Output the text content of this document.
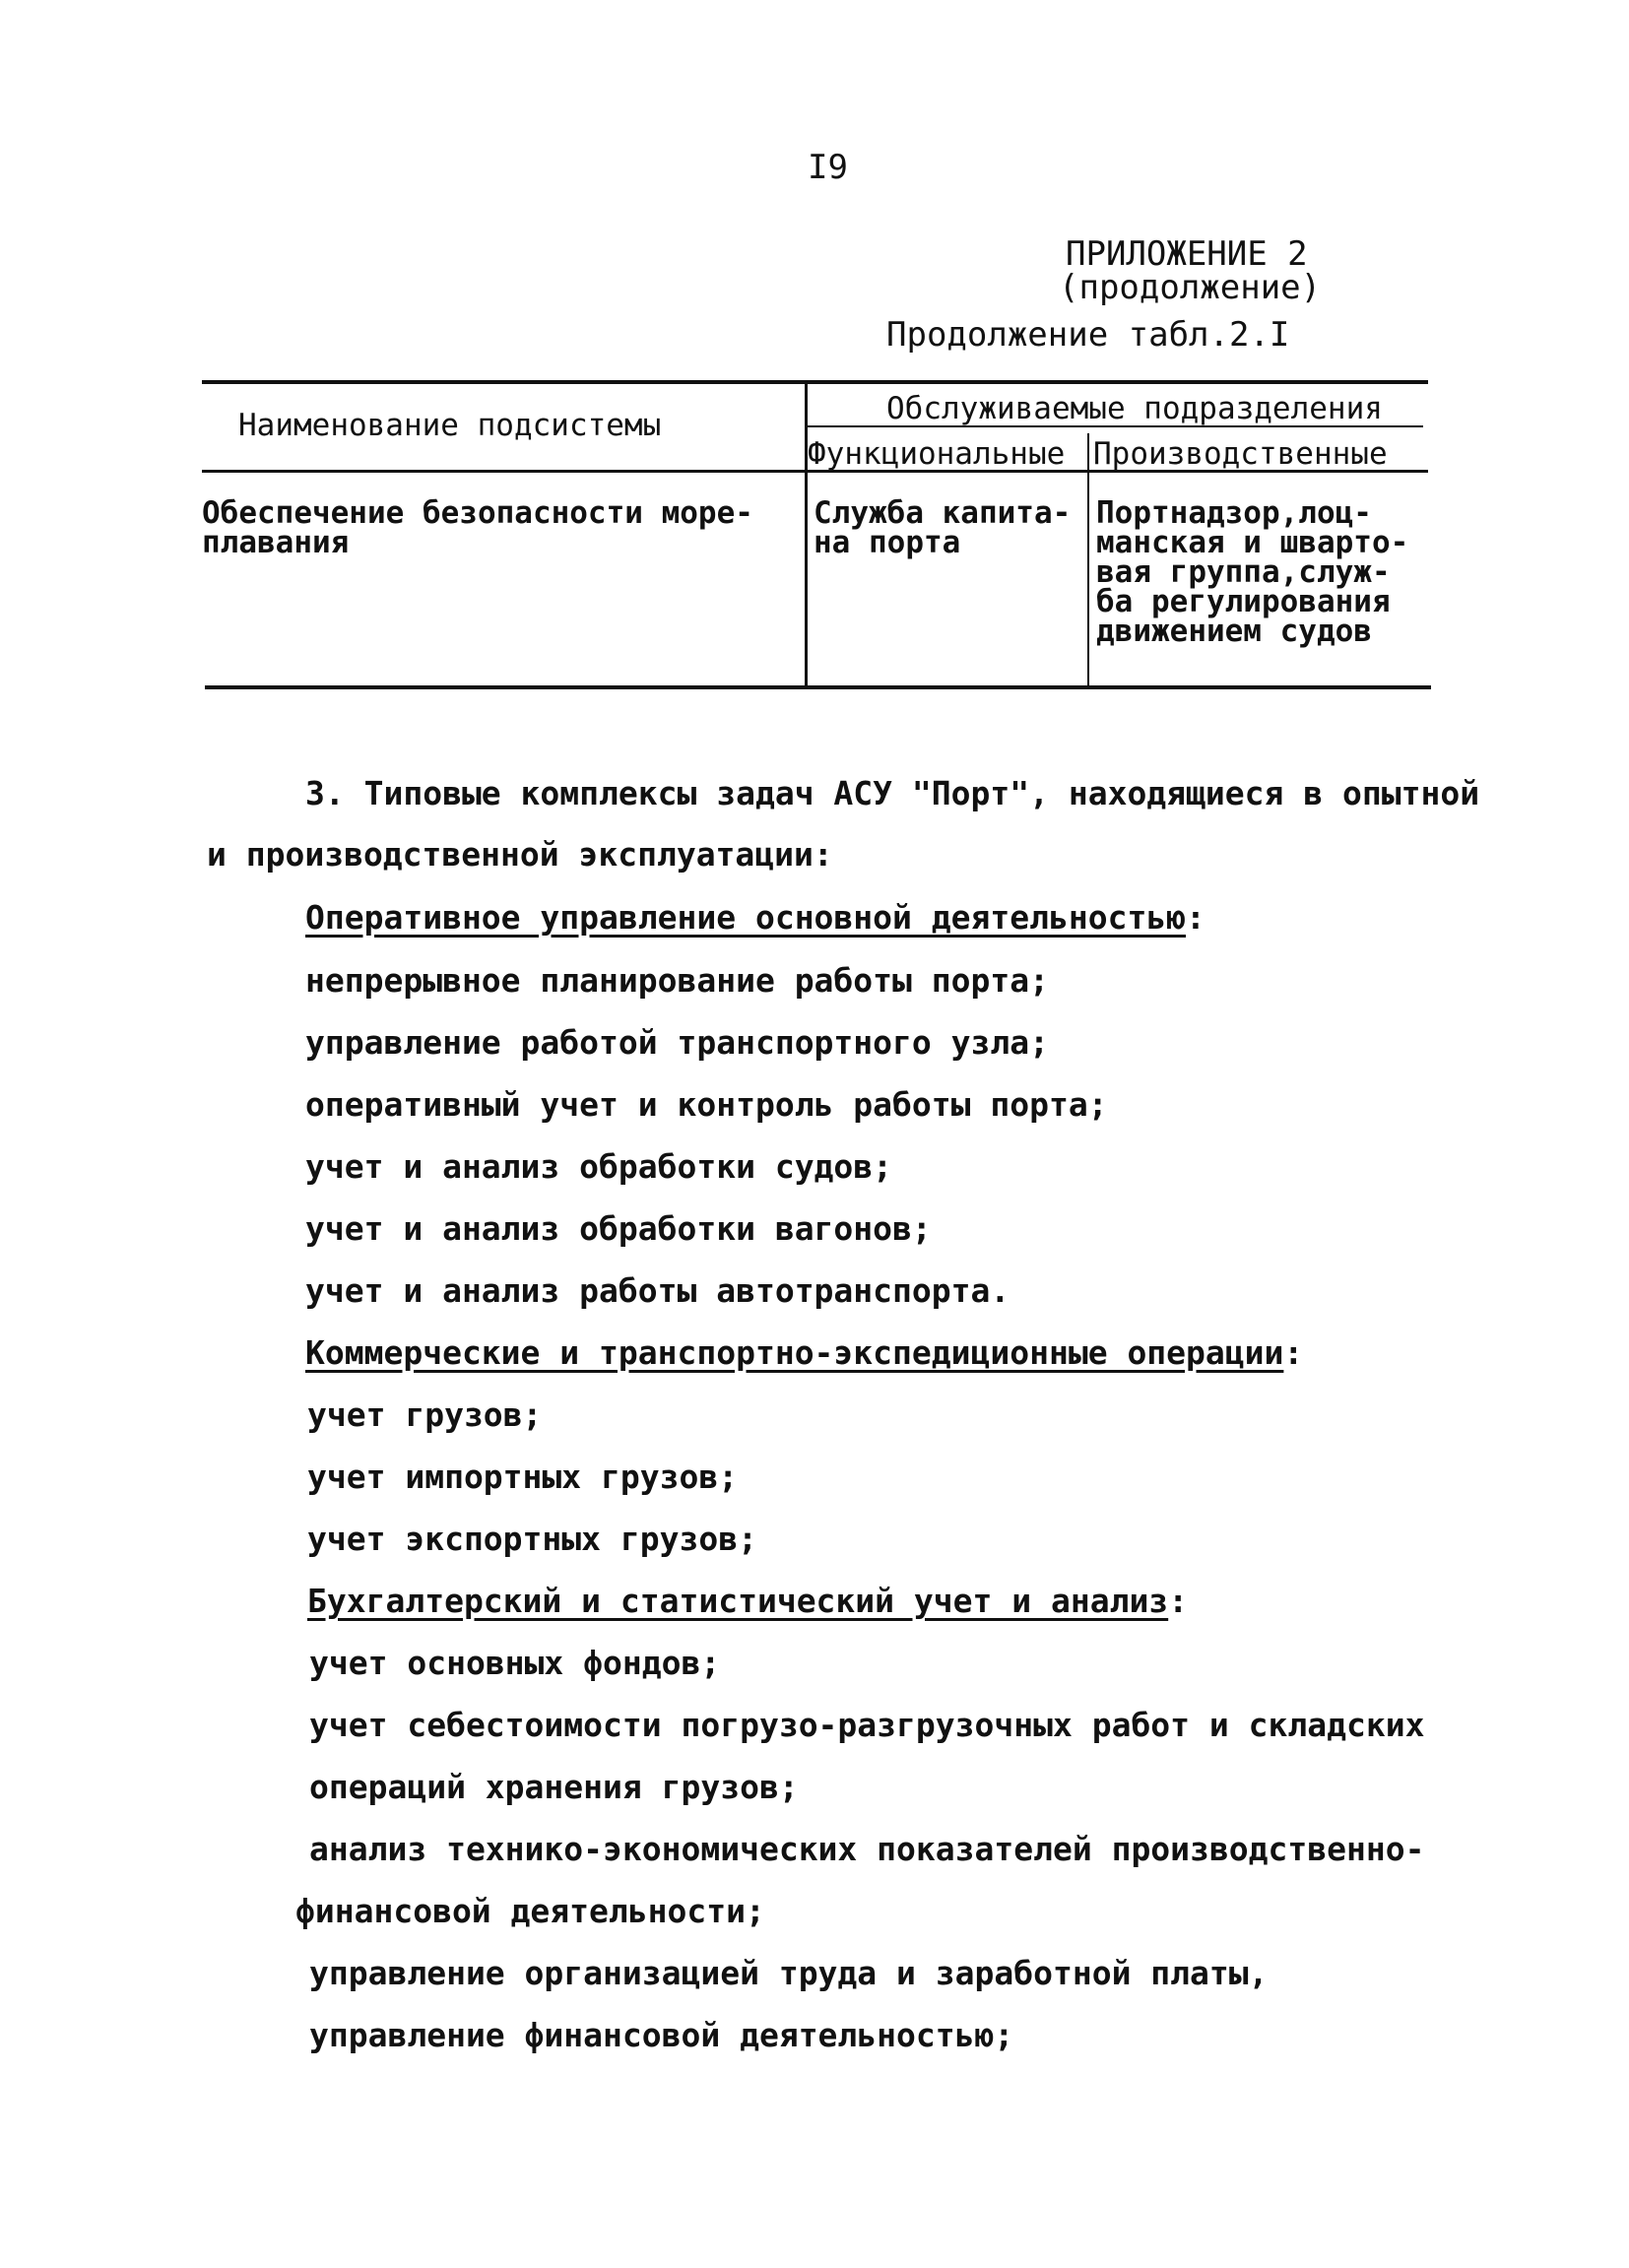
I9
ПРИЛОЖЕНИЕ 2
(продолжение)
Продолжение табл.2.I
Наименование подсистемы	Обслуживаемые подразделения
Функциональные Производственные
Обеспечение безопасности море-
плавания
Служба капита-
на порта
Портнадзор,лоц-
манская и шварто-
вая группа,служ-
ба регулирования
движением судов
3. Типовые комплексы задач АСУ "Порт", находящиеся в опытной
и производственной эксплуатации:
Оперативное управление основной деятельностью:
непрерывное планирование работы порта;
управление работой транспортного узла;
оперативный учет и контроль работы порта;
учет и анализ обработки судов;
учет и анализ обработки вагонов;
учет и анализ работы автотранспорта.
Коммерческие и транспортно-экспедиционные операции:
учет грузов;
учет импортных грузов;
учет экспортных грузов;
Бухгалтерский и статистический учет и анализ:
учет основных фондов;
учет себестоимости погрузо-разгрузочных работ и складских
операций хранения грузов;
анализ технико-экономических показателей производственно-
финансовой деятельности;
управление организацией труда и заработной платы,
управление финансовой деятельностью;
